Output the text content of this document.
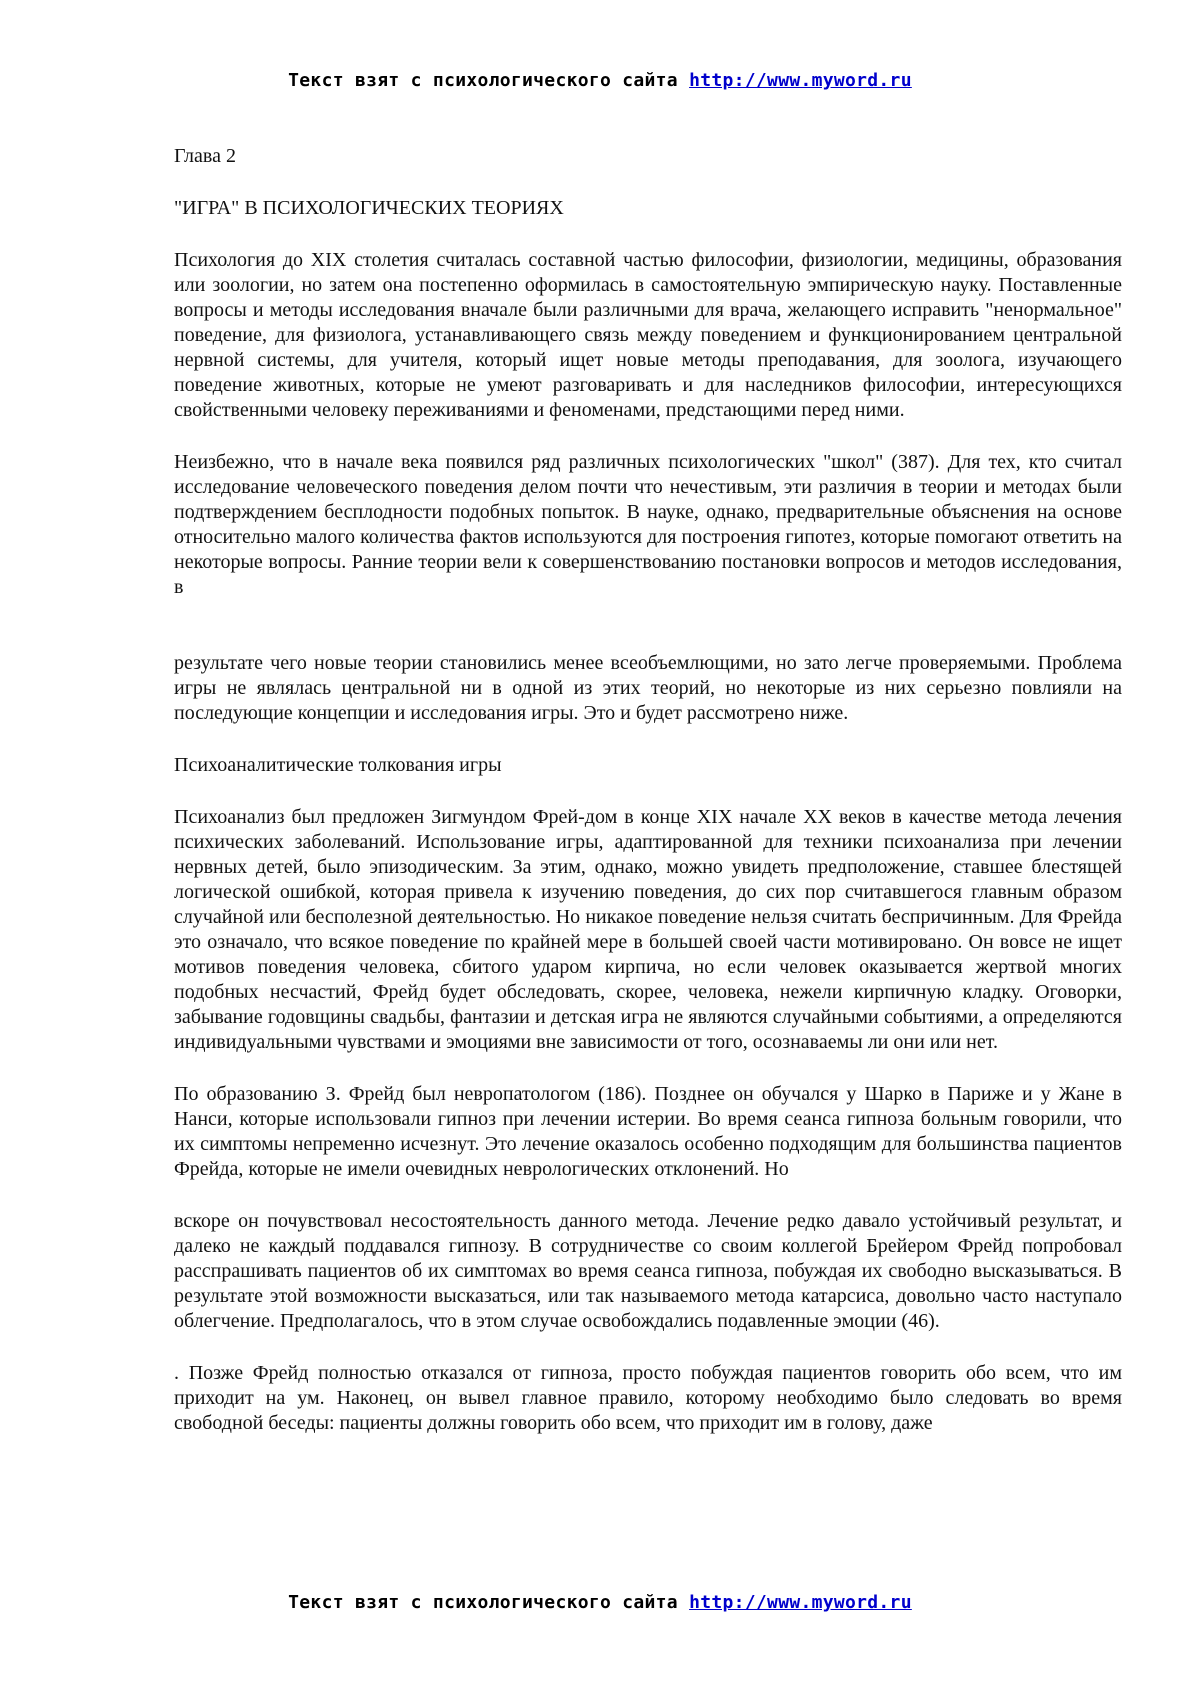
Текст взят с психологического сайта http://www.myword.ru

Глава 2

"ИГРА" В ПСИХОЛОГИЧЕСКИХ ТЕОРИЯХ

Психология до XIX столетия считалась составной частью философии, физиологии, медицины, образования или зоологии, но затем она постепенно оформилась в самостоятельную эмпирическую науку. Поставленные вопросы и методы исследования вначале были различными для врача, желающего исправить "ненормальное" поведение, для физиолога, устанавливающего связь между поведением и функционированием центральной нервной системы, для учителя, который ищет новые методы преподавания, для зоолога, изучающего поведение животных, которые не умеют разговаривать и для наследников философии, интересующихся свойственными человеку переживаниями и феноменами, предстающими перед ними.

Неизбежно, что в начале века появился ряд различных психологических "школ" (387). Для тех, кто считал исследование человеческого поведения делом почти что нечестивым, эти различия в теории и методах были подтверждением бесплодности подобных попыток. В науке, однако, предварительные объяснения на основе относительно малого количества фактов используются для построения гипотез, которые помогают ответить на некоторые вопросы. Ранние теории вели к совершенствованию постановки вопросов и методов исследования, в

результате чего новые теории становились менее всеобъемлющими, но зато легче проверяемыми. Проблема игры не являлась центральной ни в одной из этих теорий, но некоторые из них серьезно повлияли на последующие концепции и исследования игры. Это и будет рассмотрено ниже.

Психоаналитические толкования игры

Психоанализ был предложен Зигмундом Фрей-дом в конце XIX начале XX веков в качестве метода лечения психических заболеваний. Использование игры, адаптированной для техники психоанализа при лечении нервных детей, было эпизодическим. За этим, однако, можно увидеть предположение, ставшее блестящей логической ошибкой, которая привела к изучению поведения, до сих пор считавшегося главным образом случайной или бесполезной деятельностью. Но никакое поведение нельзя считать беспричинным. Для Фрейда это означало, что всякое поведение по крайней мере в большей своей части мотивировано. Он вовсе не ищет мотивов поведения человека, сбитого ударом кирпича, но если человек оказывается жертвой многих подобных несчастий, Фрейд будет обследовать, скорее, человека, нежели кирпичную кладку. Оговорки, забывание годовщины свадьбы, фантазии и детская игра не являются случайными событиями, а определяются индивидуальными чувствами и эмоциями вне зависимости от того, осознаваемы ли они или нет.

По образованию З. Фрейд был невропатологом (186). Позднее он обучался у Шарко в Париже и у Жане в Нанси, которые использовали гипноз при лечении истерии. Во время сеанса гипноза больным говорили, что их симптомы непременно исчезнут. Это лечение оказалось особенно подходящим для большинства пациентов Фрейда, которые не имели очевидных неврологических отклонений. Но

вскоре он почувствовал несостоятельность данного метода. Лечение редко давало устойчивый результат, и далеко не каждый поддавался гипнозу. В сотрудничестве со своим коллегой Брейером Фрейд попробовал расспрашивать пациентов об их симптомах во время сеанса гипноза, побуждая их свободно высказываться. В результате этой возможности высказаться, или так называемого метода катарсиса, довольно часто наступало облегчение. Предполагалось, что в этом случае освобождались подавленные эмоции (46).

. Позже Фрейд полностью отказался от гипноза, просто побуждая пациентов говорить обо всем, что им приходит на ум. Наконец, он вывел главное правило, которому необходимо было следовать во время свободной беседы: пациенты должны говорить обо всем, что приходит им в голову, даже

Текст взят с психологического сайта http://www.myword.ru
